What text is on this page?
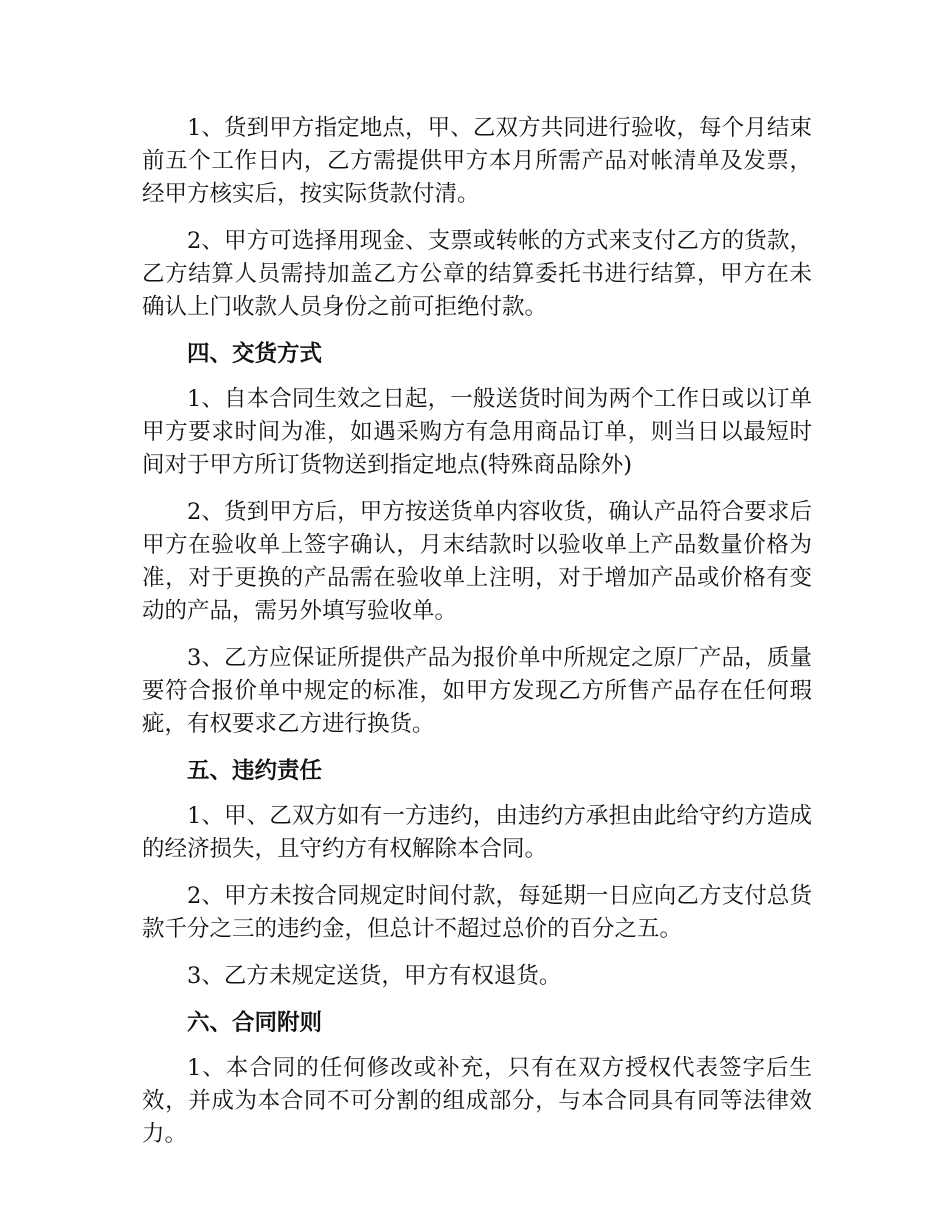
1、货到甲方指定地点，甲、乙双方共同进行验收，每个月结束前五个工作日内，乙方需提供甲方本月所需产品对帐清单及发票，经甲方核实后，按实际货款付清。

2、甲方可选择用现金、支票或转帐的方式来支付乙方的货款，乙方结算人员需持加盖乙方公章的结算委托书进行结算，甲方在未确认上门收款人员身份之前可拒绝付款。

四、交货方式

1、自本合同生效之日起，一般送货时间为两个工作日或以订单甲方要求时间为准，如遇采购方有急用商品订单，则当日以最短时间对于甲方所订货物送到指定地点(特殊商品除外)

2、货到甲方后，甲方按送货单内容收货，确认产品符合要求后甲方在验收单上签字确认，月末结款时以验收单上产品数量价格为准，对于更换的产品需在验收单上注明，对于增加产品或价格有变动的产品，需另外填写验收单。

3、乙方应保证所提供产品为报价单中所规定之原厂产品，质量要符合报价单中规定的标准，如甲方发现乙方所售产品存在任何瑕疵，有权要求乙方进行换货。

五、违约责任

1、甲、乙双方如有一方违约，由违约方承担由此给守约方造成的经济损失，且守约方有权解除本合同。

2、甲方未按合同规定时间付款，每延期一日应向乙方支付总货款千分之三的违约金，但总计不超过总价的百分之五。

3、乙方未规定送货，甲方有权退货。

六、合同附则

1、本合同的任何修改或补充，只有在双方授权代表签字后生效，并成为本合同不可分割的组成部分，与本合同具有同等法律效力。
